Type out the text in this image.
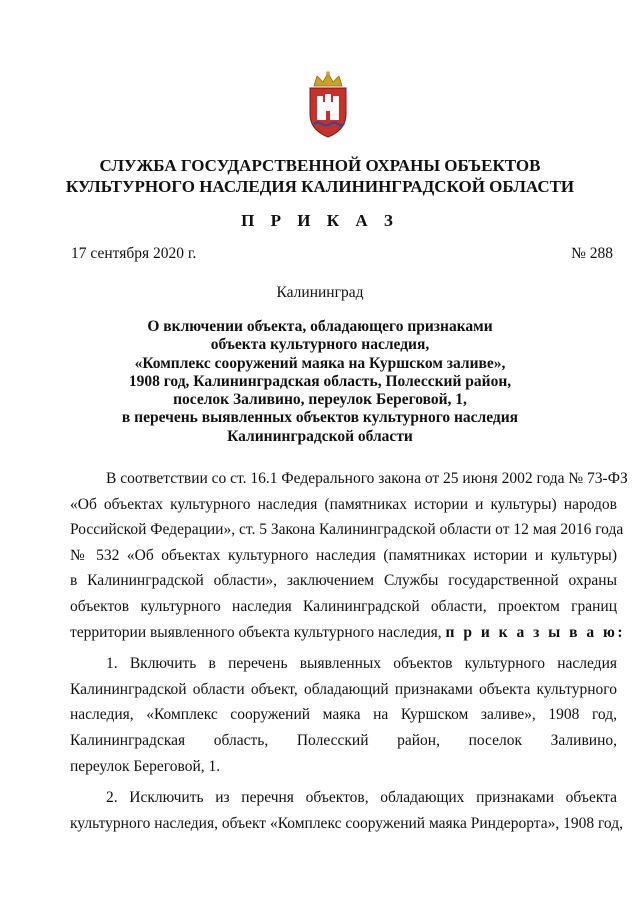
СЛУЖБА ГОСУДАРСТВЕННОЙ ОХРАНЫ ОБЪЕКТОВ
КУЛЬТУРНОГО НАСЛЕДИЯ КАЛИНИНГРАДСКОЙ ОБЛАСТИ
П Р И К А З
17 сентября 2020 г.	№ 288
Калининград
О включении объекта, обладающего признаками
объекта культурного наследия,
«Комплекс сооружений маяка на Куршском заливе»,
1908 год, Калининградская область, Полесский район,
поселок Заливино, переулок Береговой, 1,
в перечень выявленных объектов культурного наследия
Калининградской области
В соответствии со ст. 16.1 Федерального закона от 25 июня 2002 года № 73-ФЗ
«Об объектах культурного наследия (памятниках истории и культуры) народов
Российской Федерации», ст. 5 Закона Калининградской области от 12 мая 2016 года
№ 532 «Об объектах культурного наследия (памятниках истории и культуры)
в Калининградской области», заключением Службы государственной охраны
объектов культурного наследия Калининградской области, проектом границ
территории выявленного объекта культурного наследия, п р и к а з ы в а ю:
1. Включить в перечень выявленных объектов культурного наследия
Калининградской области объект, обладающий признаками объекта культурного
наследия, «Комплекс сооружений маяка на Куршском заливе», 1908 год,
Калининградская область, Полесский район, поселок Заливино,
переулок Береговой, 1.
2. Исключить из перечня объектов, обладающих признаками объекта
культурного наследия, объект «Комплекс сооружений маяка Риндерорта», 1908 год,
